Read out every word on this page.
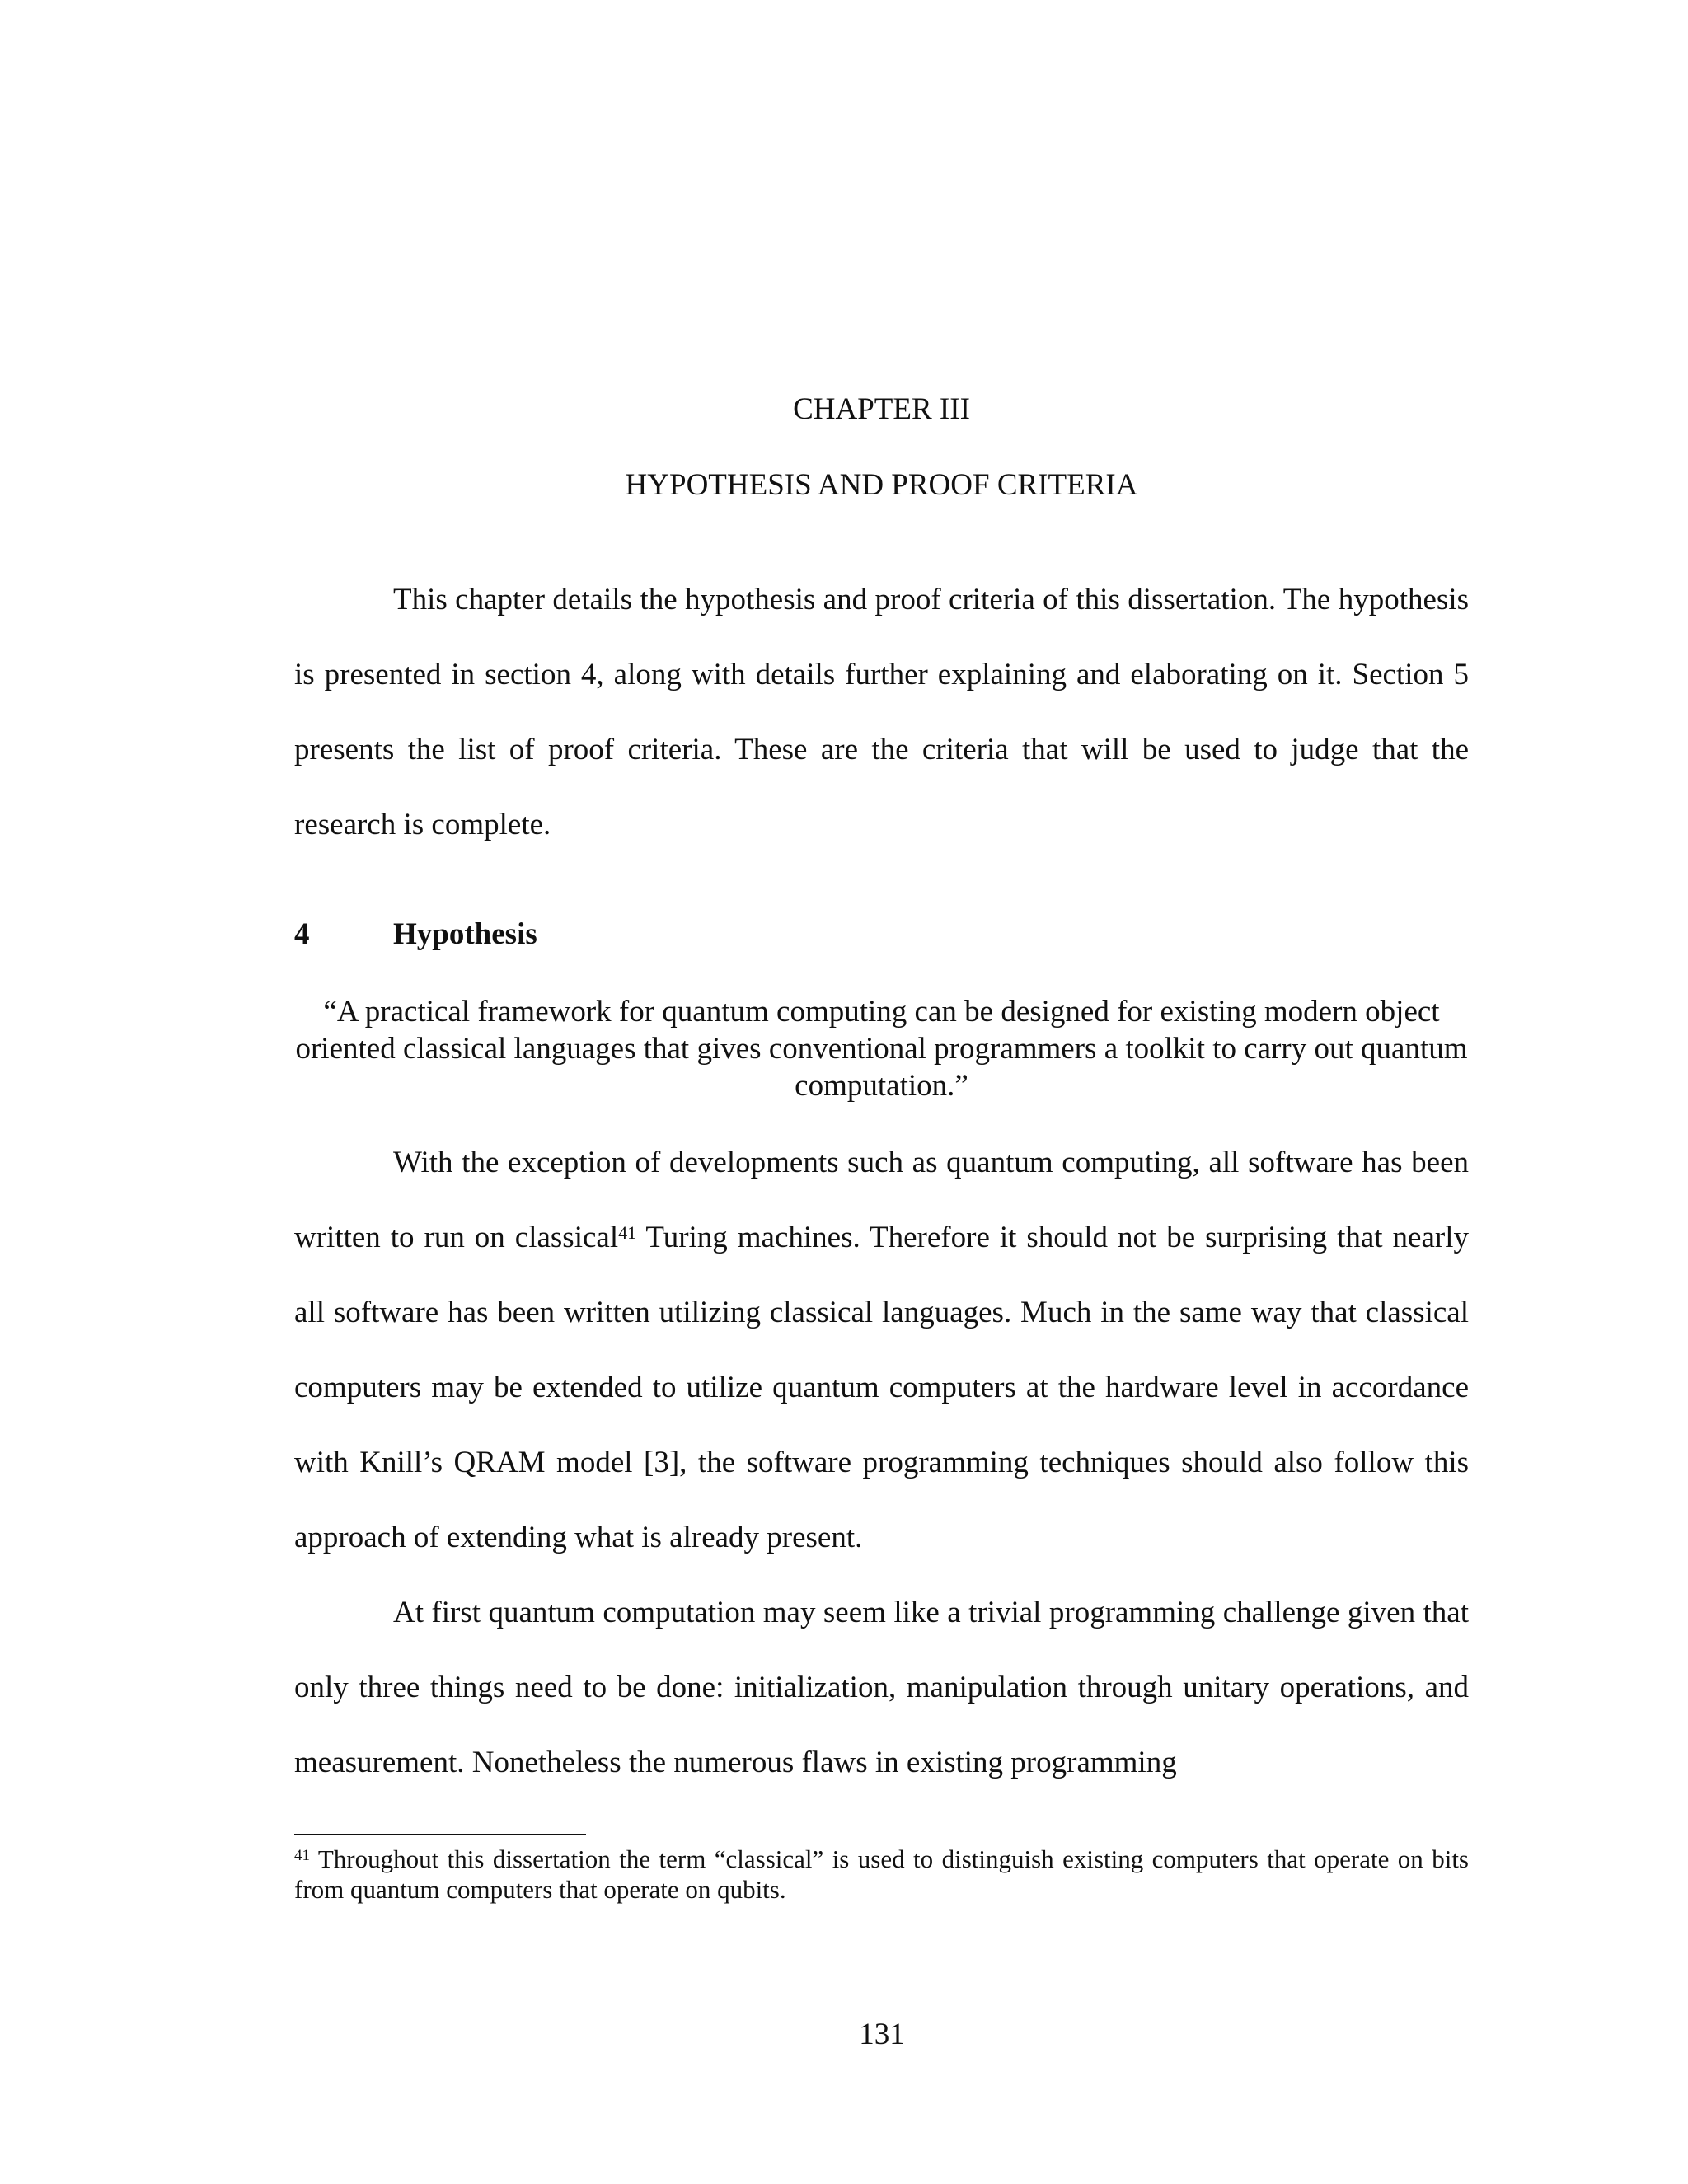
CHAPTER III
HYPOTHESIS AND PROOF CRITERIA

This chapter details the hypothesis and proof criteria of this dissertation. The hypothesis is presented in section 4, along with details further explaining and elaborating on it. Section 5 presents the list of proof criteria. These are the criteria that will be used to judge that the research is complete.

4	Hypothesis
“A practical framework for quantum computing can be designed for existing modern object oriented classical languages that gives conventional programmers a toolkit to carry out quantum computation.”

With the exception of developments such as quantum computing, all software has been written to run on classical$^{41}$ Turing machines. Therefore it should not be surprising that nearly all software has been written utilizing classical languages. Much in the same way that classical computers may be extended to utilize quantum computers at the hardware level in accordance with Knill’s QRAM model [3], the software programming techniques should also follow this approach of extending what is already present.

At first quantum computation may seem like a trivial programming challenge given that only three things need to be done: initialization, manipulation through unitary operations, and measurement. Nonetheless the numerous flaws in existing programming

$^{41}$ Throughout this dissertation the term “classical” is used to distinguish existing computers that operate on bits from quantum computers that operate on qubits.
131
